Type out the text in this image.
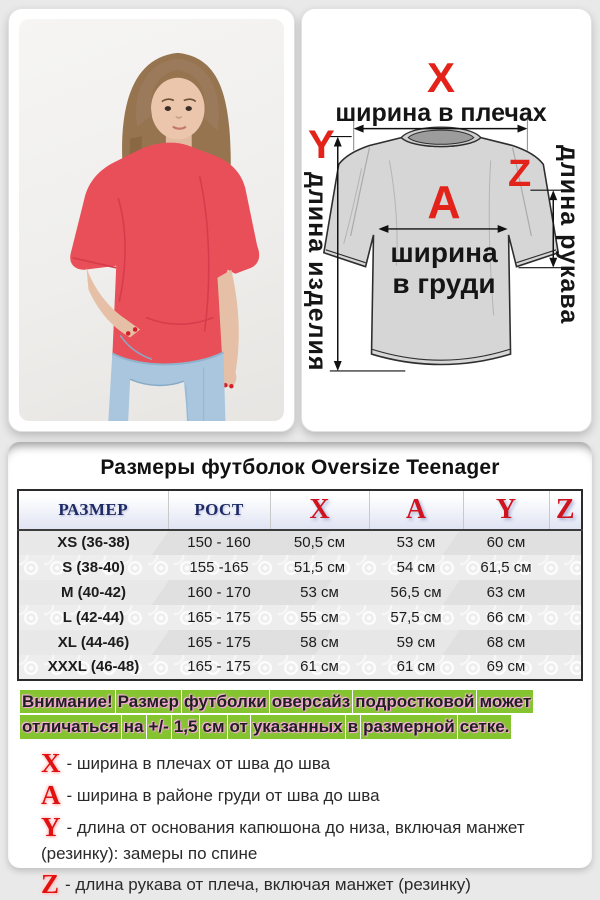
X
ширина в плечах
Y
длина изделия	A
ширина
в груди
Z длина рукава
Размеры футболок Oversize Teenager
РАЗМЕР	РОСТ	X	A	Y	Z
XS (36-38)	150 - 160	50,5 см	53 см	60 см	
S (38-40)	155 -165	51,5 см	54 см	61,5 см	
M (40-42)	160 - 170	53 см	56,5 см	63 см	
L (42-44)	165 - 175	55 см	57,5 см	66 см	
XL (44-46)	165 - 175	58 см	59 см	68 см	
XXXL (46-48)	165 - 175	61 см	61 см	69 см	
Внимание! Размер футболки оверсайз подростковой может
отличаться на +/- 1,5 см от указанных в размерной сетке.
X - ширина в плечах от шва до шва
A - ширина в районе груди от шва до шва
Y - длина от основания капюшона до низа, включая манжет (резинку): замеры по спине
Z - длина рукава от плеча, включая манжет (резинку)
